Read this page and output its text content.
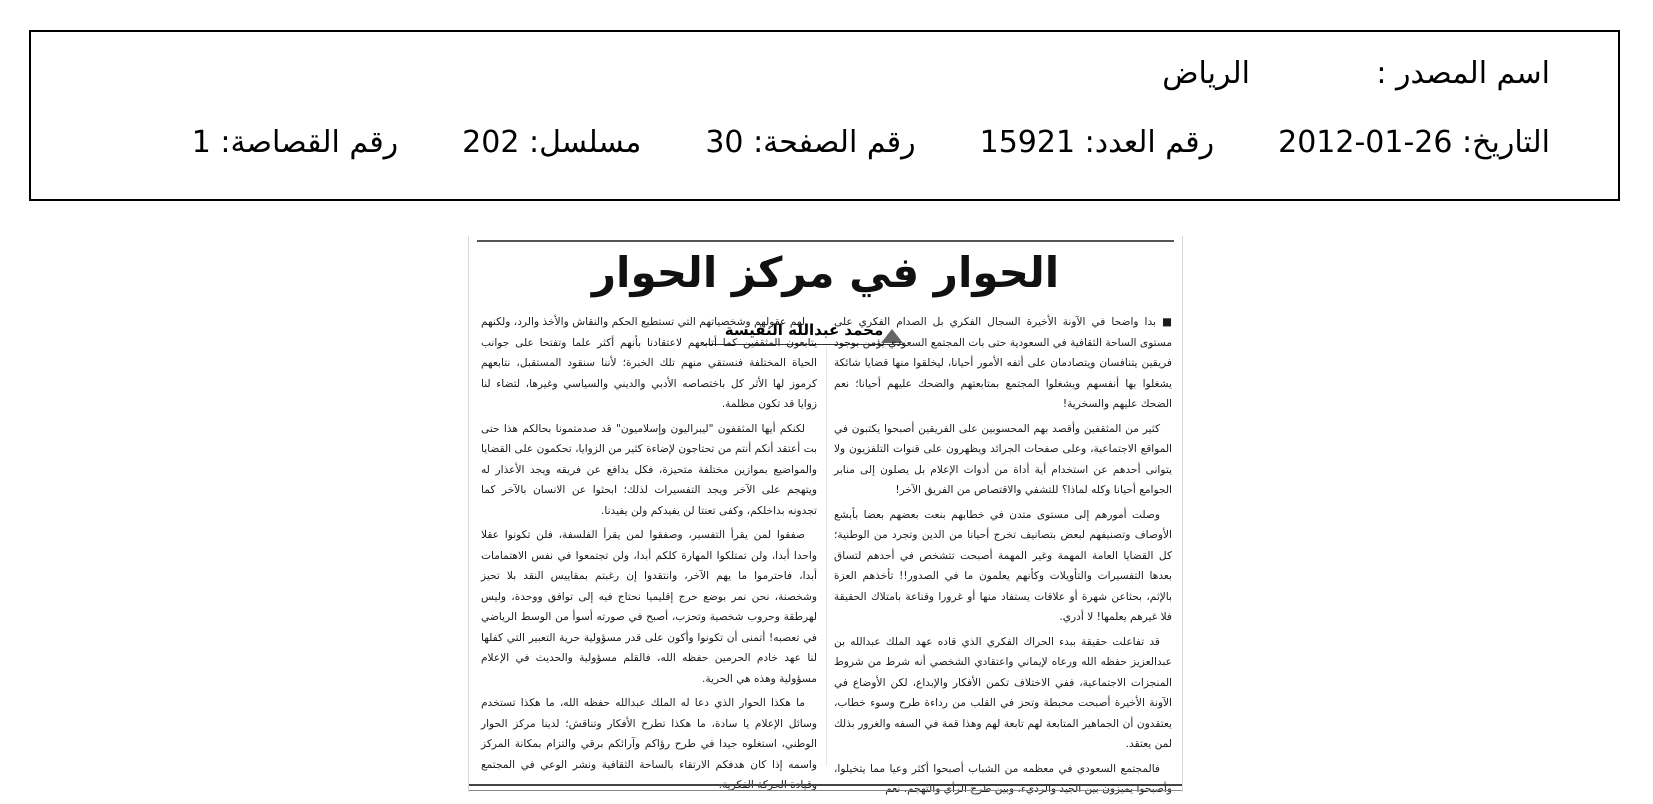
اسم المصدر :
الرياض
التاريخ: 2012-01-26
رقم العدد: 15921
رقم الصفحة: 30
مسلسل: 202
رقم القصاصة: 1
الحوار في مركز الحوار
محمد عبدالله النفيسة

■ بدا واضحا في الآونة الأخيرة السجال الفكري بل الصدام الفكري على مستوى الساحة الثقافية في السعودية حتى بات المجتمع السعودي يؤمن بوجود فريقين يتنافسان ويتصادمان على أتفه الأمور أحيانا، ليخلقوا منها قضايا شائكة يشغلوا بها أنفسهم ويشغلوا المجتمع بمتابعتهم والضحك عليهم أحيانا؛ نعم الضحك عليهم والسخرية!

كثير من المثقفين وأقصد بهم المحسوبين على الفريقين أصبحوا يكتبون في المواقع الاجتماعية، وعلى صفحات الجرائد ويظهرون على قنوات التلفزيون ولا يتوانى أحدهم عن استخدام أية أداة من أدوات الإعلام بل يصلون إلى منابر الجوامع أحيانا وكله لماذا؟ للتشفي والاقتصاص من الفريق الآخر!

وصلت أمورهم إلى مستوى متدن في خطابهم بنعت بعضهم بعضا بأبشع الأوصاف وتصنيفهم لبعض بتصانيف تخرج أحيانا من الدين وتجرد من الوطنية؛ كل القضايا العامة المهمة وغير المهمة أصبحت تتشخص في أحدهم لتساق بعدها التفسيرات والتأويلات وكأنهم يعلمون ما في الصدور!! تأخذهم العزة بالإثم، بحثاعن شهرة أو علاقات يستفاد منها أو غرورا وقناعة بامتلاك الحقيقة فلا غيرهم يعلمها! لا أدري.

قد تفاعلت حقيقة ببدء الحراك الفكري الذي قاده عهد الملك عبدالله بن عبدالعزيز حفظه الله ورعاه لإيماني واعتقادي الشخصي أنه شرط من شروط المنجزات الاجتماعية، ففي الاختلاف تكمن الأفكار والإبداع، لكن الأوضاع في الآونة الأخيرة أصبحت محبطة وتحز في القلب من رداءة طرح وسوء خطاب، يعتقدون أن الجماهير المتابعة لهم تابعة لهم وهذا قمة في السفه والغرور بذلك لمن يعتقد.

فالمجتمع السعودي في معظمه من الشباب أصبحوا أكثر وعيا مما يتخيلوا، وأصبحوا يميزون بين الجيد والرديء، وبين طرح الرأي والتهجم. نعم

لهم عقولهم وشخصياتهم التي تستطيع الحكم والنقاش والأخذ والرد، ولكنهم يتابعون المثقفين كما أتابعهم لاعتقادنا بأنهم أكثر علما وتفتحا على جوانب الحياة المختلفة فنستقي منهم تلك الخبرة؛ لأننا سنقود المستقبل، نتابعهم كرموز لها الأثر كل باختصاصه الأدبي والديني والسياسي وغيرها، لتضاء لنا زوايا قد تكون مظلمة.

لكنكم أيها المثقفون "ليبراليون وإسلاميون" قد صدمتمونا بحالكم هذا حتى بت أعتقد أنكم أنتم من تحتاجون لإضاءة كثير من الزوايا، تحكمون على القضايا والمواضيع بموازين مختلفة متحيزة، فكل يدافع عن فريقه ويجد الأعذار له ويتهجم على الآخر ويجد التفسيرات لذلك؛ ابحثوا عن الانسان بالآخر كما تجدونه بداخلكم، وكفى تعنتا لن يفيدكم ولن يفيدنا.

صفقوا لمن يقرأ التفسير، وصفقوا لمن يقرأ الفلسفة، فلن تكونوا عقلا واحدا أبدا، ولن تمتلكوا المهارة كلكم أبدا، ولن تجتمعوا في نفس الاهتمامات أبدا، فاحترموا ما يهم الآخر، وانتقدوا إن رغبتم بمقاييس النقد بلا تحيز وشخصنة، نحن نمر بوضع حرج إقليميا نحتاج فيه إلى توافق ووحدة، وليس لهرطقة وحروب شخصية وتحزب، أصبح في صورته أسوأ من الوسط الرياضي في تعصبه! أتمنى أن تكونوا وأكون على قدر مسؤولية حرية التعبير التي كفلها لنا عهد خادم الحرمين حفظه الله، فالقلم مسؤولية والحديث في الإعلام مسؤولية وهذه هي الحرية.

ما هكذا الحوار الذي دعا له الملك عبدالله حفظه الله، ما هكذا تستخدم وسائل الإعلام يا سادة، ما هكذا تطرح الأفكار وتناقش؛ لدينا مركز الحوار الوطني، استغلوه جيدا في طرح رؤاكم وآرائكم برقي والتزام بمكانة المركز واسمه إذا كان هدفكم الارتقاء بالساحة الثقافية ونشر الوعي في المجتمع وقيادة الحركة الفكرية.
